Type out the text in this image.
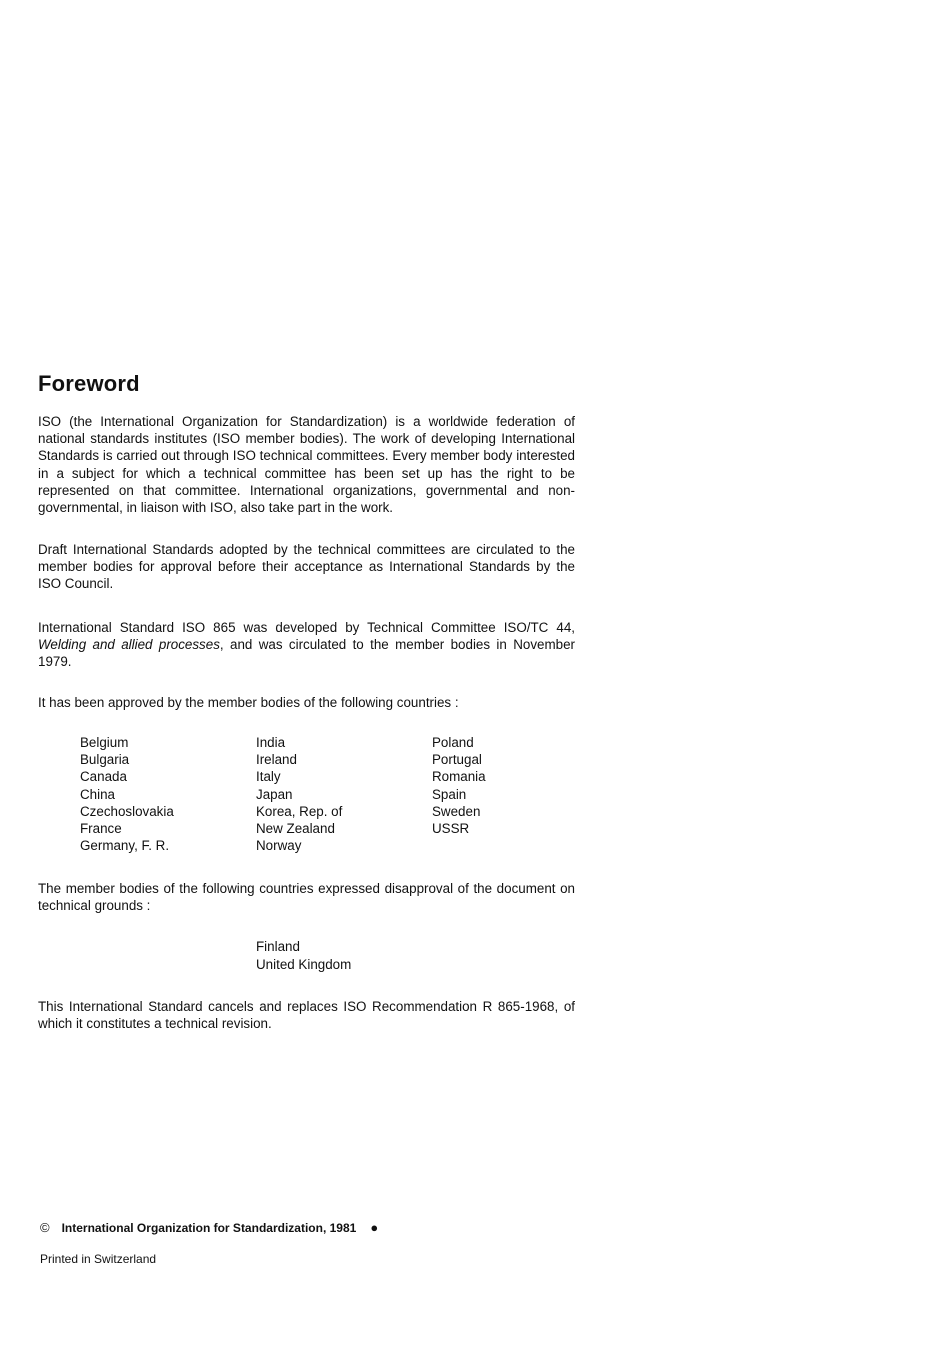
Foreword

ISO (the International Organization for Standardization) is a worldwide federation of national standards institutes (ISO member bodies). The work of developing International Standards is carried out through ISO technical committees. Every member body interested in a subject for which a technical committee has been set up has the right to be represented on that committee. International organizations, governmental and non-governmental, in liaison with ISO, also take part in the work.

Draft International Standards adopted by the technical committees are circulated to the member bodies for approval before their acceptance as International Standards by the ISO Council.

International Standard ISO 865 was developed by Technical Committee ISO/TC 44, Welding and allied processes, and was circulated to the member bodies in November 1979.

It has been approved by the member bodies of the following countries :

Belgium
Bulgaria
Canada
China
Czechoslovakia
France
Germany, F. R.
India
Ireland
Italy
Japan
Korea, Rep. of
New Zealand
Norway
Poland
Portugal
Romania
Spain
Sweden
USSR

The member bodies of the following countries expressed disapproval of the document on technical grounds :

Finland
United Kingdom

This International Standard cancels and replaces ISO Recommendation R 865-1968, of which it constitutes a technical revision.

© International Organization for Standardization, 1981 ●
Printed in Switzerland
